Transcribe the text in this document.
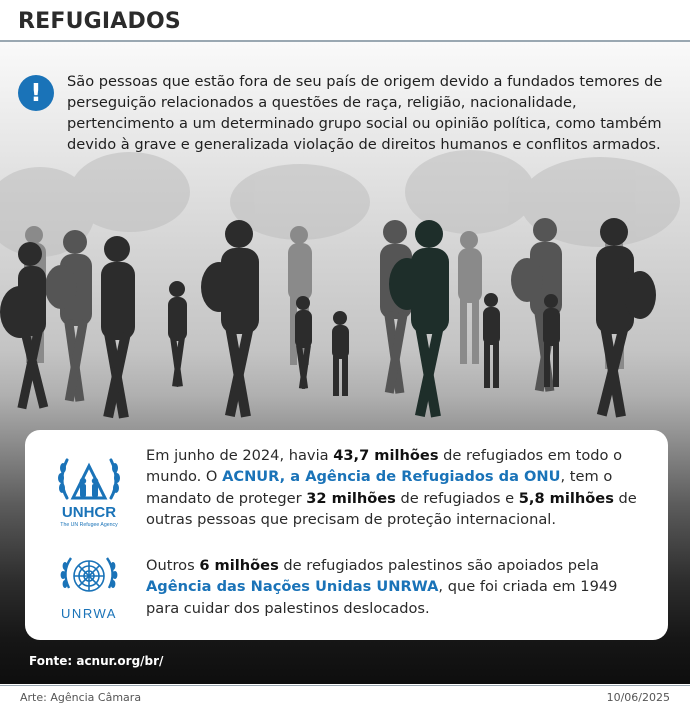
REFUGIADOS
!	São pessoas que estão fora de seu país de origem devido a fundados temores de perseguição relacionados a questões de raça, religião, nacionalidade, pertencimento a um determinado grupo social ou opinião política, como também devido à grave e generalizada violação de direitos humanos e conflitos armados.

UNHCR
The UN Refugee Agency

Em junho de 2024, havia 43,7 milhões de refugiados em todo o mundo. O ACNUR, a Agência de Refugiados da ONU, tem o mandato de proteger 32 milhões de refugiados e 5,8 milhões de outras pessoas que precisam de proteção internacional.

UNRWA

Outros 6 milhões de refugiados palestinos são apoiados pela Agência das Nações Unidas UNRWA, que foi criada em 1949 para cuidar dos palestinos deslocados.

Fonte: acnur.org/br/
Arte: Agência Câmara	10/06/2025
